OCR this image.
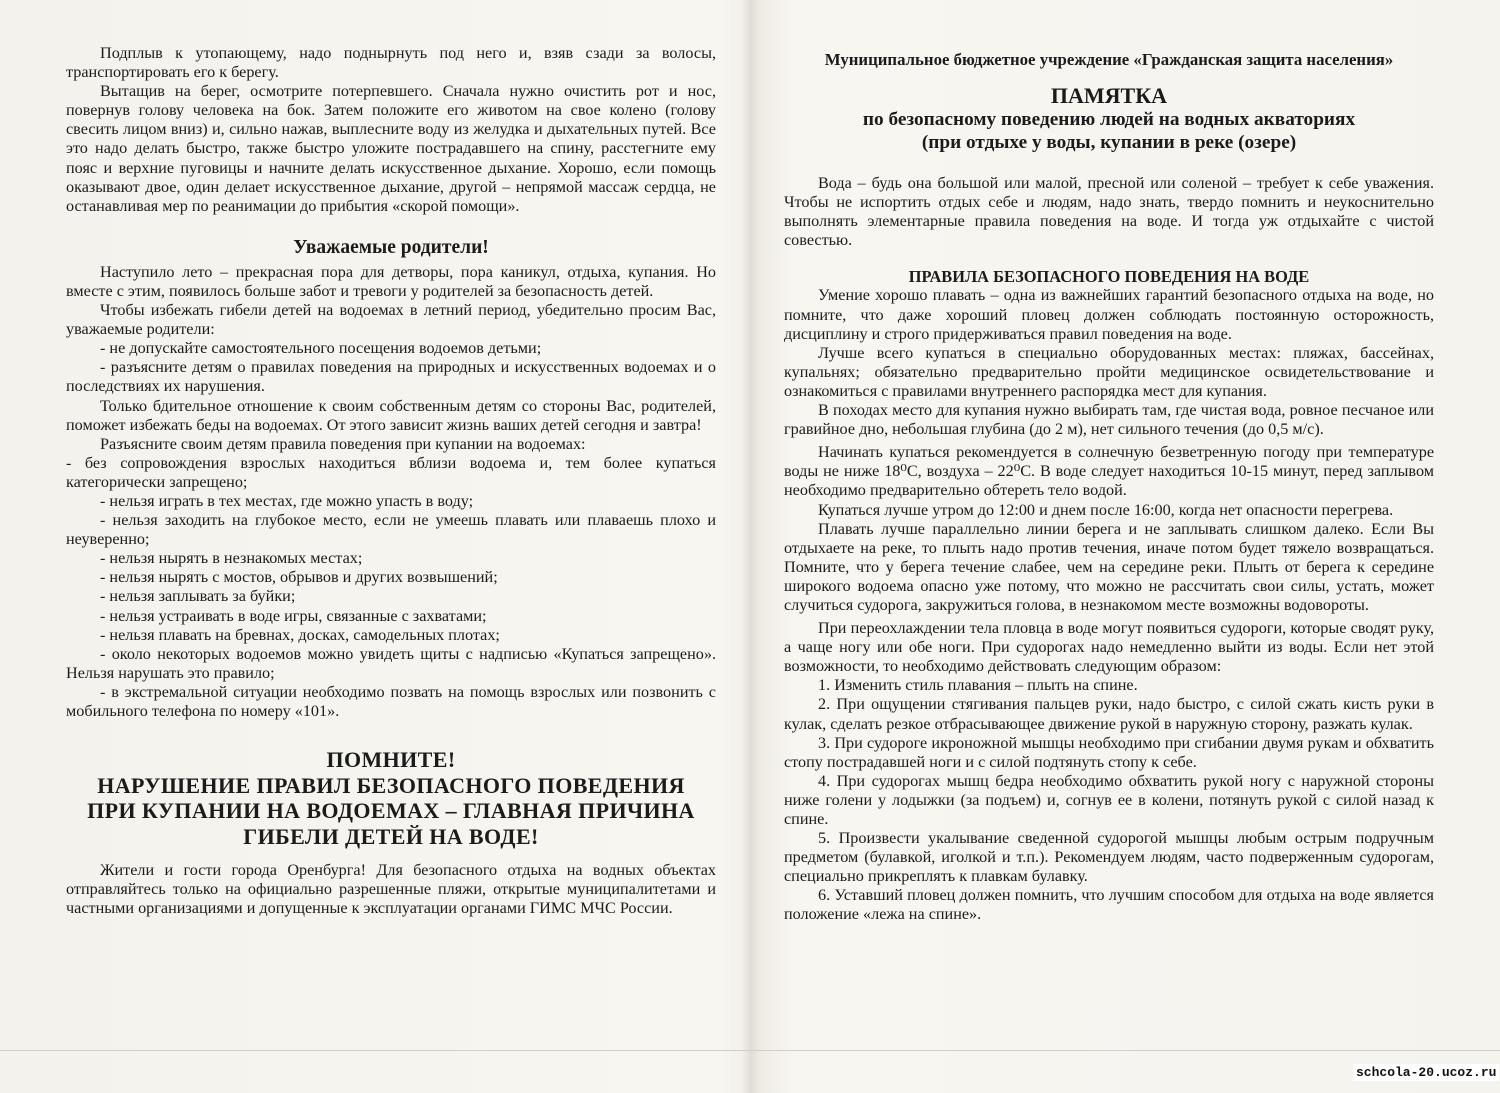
Подплыв к утопающему, надо поднырнуть под него и, взяв сзади за волосы, транспортировать его к берегу.

Вытащив на берег, осмотрите потерпевшего. Сначала нужно очистить рот и нос, повернув голову человека на бок. Затем положите его животом на свое колено (голову свесить лицом вниз) и, сильно нажав, выплесните воду из желудка и дыхательных путей. Все это надо делать быстро, также быстро уложите пострадавшего на спину, расстегните ему пояс и верхние пуговицы и начните делать искусственное дыхание. Хорошо, если помощь оказывают двое, один делает искусственное дыхание, другой – непрямой массаж сердца, не останавливая мер по реанимации до прибытия «скорой помощи».

Уважаемые родители!

Наступило лето – прекрасная пора для детворы, пора каникул, отдыха, купания. Но вместе с этим, появилось больше забот и тревоги у родителей за безопасность детей.

Чтобы избежать гибели детей на водоемах в летний период, убедительно просим Вас, уважаемые родители:

- не допускайте самостоятельного посещения водоемов детьми;

- разъясните детям о правилах поведения на природных и искусственных водоемах и о последствиях их нарушения.

Только бдительное отношение к своим собственным детям со стороны Вас, родителей, поможет избежать беды на водоемах. От этого зависит жизнь ваших детей сегодня и завтра!

Разъясните своим детям правила поведения при купании на водоемах:

- без сопровождения взрослых находиться вблизи водоема и, тем более купаться категорически запрещено;

- нельзя играть в тех местах, где можно упасть в воду;

- нельзя заходить на глубокое место, если не умеешь плавать или плаваешь плохо и неуверенно;

- нельзя нырять в незнакомых местах;

- нельзя нырять с мостов, обрывов и других возвышений;

- нельзя заплывать за буйки;

- нельзя устраивать в воде игры, связанные с захватами;

- нельзя плавать на бревнах, досках, самодельных плотах;

- около некоторых водоемов можно увидеть щиты с надписью «Купаться запрещено». Нельзя нарушать это правило;

- в экстремальной ситуации необходимо позвать на помощь взрослых или позвонить с мобильного телефона по номеру «101».

ПОМНИТЕ!

НАРУШЕНИЕ ПРАВИЛ БЕЗОПАСНОГО ПОВЕДЕНИЯ ПРИ КУПАНИИ НА ВОДОЕМАХ – ГЛАВНАЯ ПРИЧИНА ГИБЕЛИ ДЕТЕЙ НА ВОДЕ!

Жители и гости города Оренбурга! Для безопасного отдыха на водных объектах отправляйтесь только на официально разрешенные пляжи, открытые муниципалитетами и частными организациями и допущенные к эксплуатации органами ГИМС МЧС России.

Муниципальное бюджетное учреждение «Гражданская защита населения»

ПАМЯТКА

по безопасному поведению людей на водных акваториях

(при отдыхе у воды, купании в реке (озере)

Вода – будь она большой или малой, пресной или соленой – требует к себе уважения. Чтобы не испортить отдых себе и людям, надо знать, твердо помнить и неукоснительно выполнять элементарные правила поведения на воде. И тогда уж отдыхайте с чистой совестью.

ПРАВИЛА БЕЗОПАСНОГО ПОВЕДЕНИЯ НА ВОДЕ

Умение хорошо плавать – одна из важнейших гарантий безопасного отдыха на воде, но помните, что даже хороший пловец должен соблюдать постоянную осторожность, дисциплину и строго придерживаться правил поведения на воде.

Лучше всего купаться в специально оборудованных местах: пляжах, бассейнах, купальнях; обязательно предварительно пройти медицинское освидетельствование и ознакомиться с правилами внутреннего распорядка мест для купания.

В походах место для купания нужно выбирать там, где чистая вода, ровное песчаное или гравийное дно, небольшая глубина (до 2 м), нет сильного течения (до 0,5 м/с).

Начинать купаться рекомендуется в солнечную безветренную погоду при температуре воды не ниже 18⁰С, воздуха – 22⁰С. В воде следует находиться 10-15 минут, перед заплывом необходимо предварительно обтереть тело водой.

Купаться лучше утром до 12:00 и днем после 16:00, когда нет опасности перегрева.

Плавать лучше параллельно линии берега и не заплывать слишком далеко. Если Вы отдыхаете на реке, то плыть надо против течения, иначе потом будет тяжело возвращаться. Помните, что у берега течение слабее, чем на середине реки. Плыть от берега к середине широкого водоема опасно уже потому, что можно не рассчитать свои силы, устать, может случиться судорога, закружиться голова, в незнакомом месте возможны водовороты.

При переохлаждении тела пловца в воде могут появиться судороги, которые сводят руку, а чаще ногу или обе ноги. При судорогах надо немедленно выйти из воды. Если нет этой возможности, то необходимо действовать следующим образом:

1. Изменить стиль плавания – плыть на спине.

2. При ощущении стягивания пальцев руки, надо быстро, с силой сжать кисть руки в кулак, сделать резкое отбрасывающее движение рукой в наружную сторону, разжать кулак.

3. При судороге икроножной мышцы необходимо при сгибании двумя рукам и обхватить стопу пострадавшей ноги и с силой подтянуть стопу к себе.

4. При судорогах мышц бедра необходимо обхватить рукой ногу с наружной стороны ниже голени у лодыжки (за подъем) и, согнув ее в колени, потянуть рукой с силой назад к спине.

5. Произвести укалывание сведенной судорогой мышцы любым острым подручным предметом (булавкой, иголкой и т.п.). Рекомендуем людям, часто подверженным судорогам, специально прикреплять к плавкам булавку.

6. Уставший пловец должен помнить, что лучшим способом для отдыха на воде является положение «лежа на спине».

schcola-20.ucoz.ru
